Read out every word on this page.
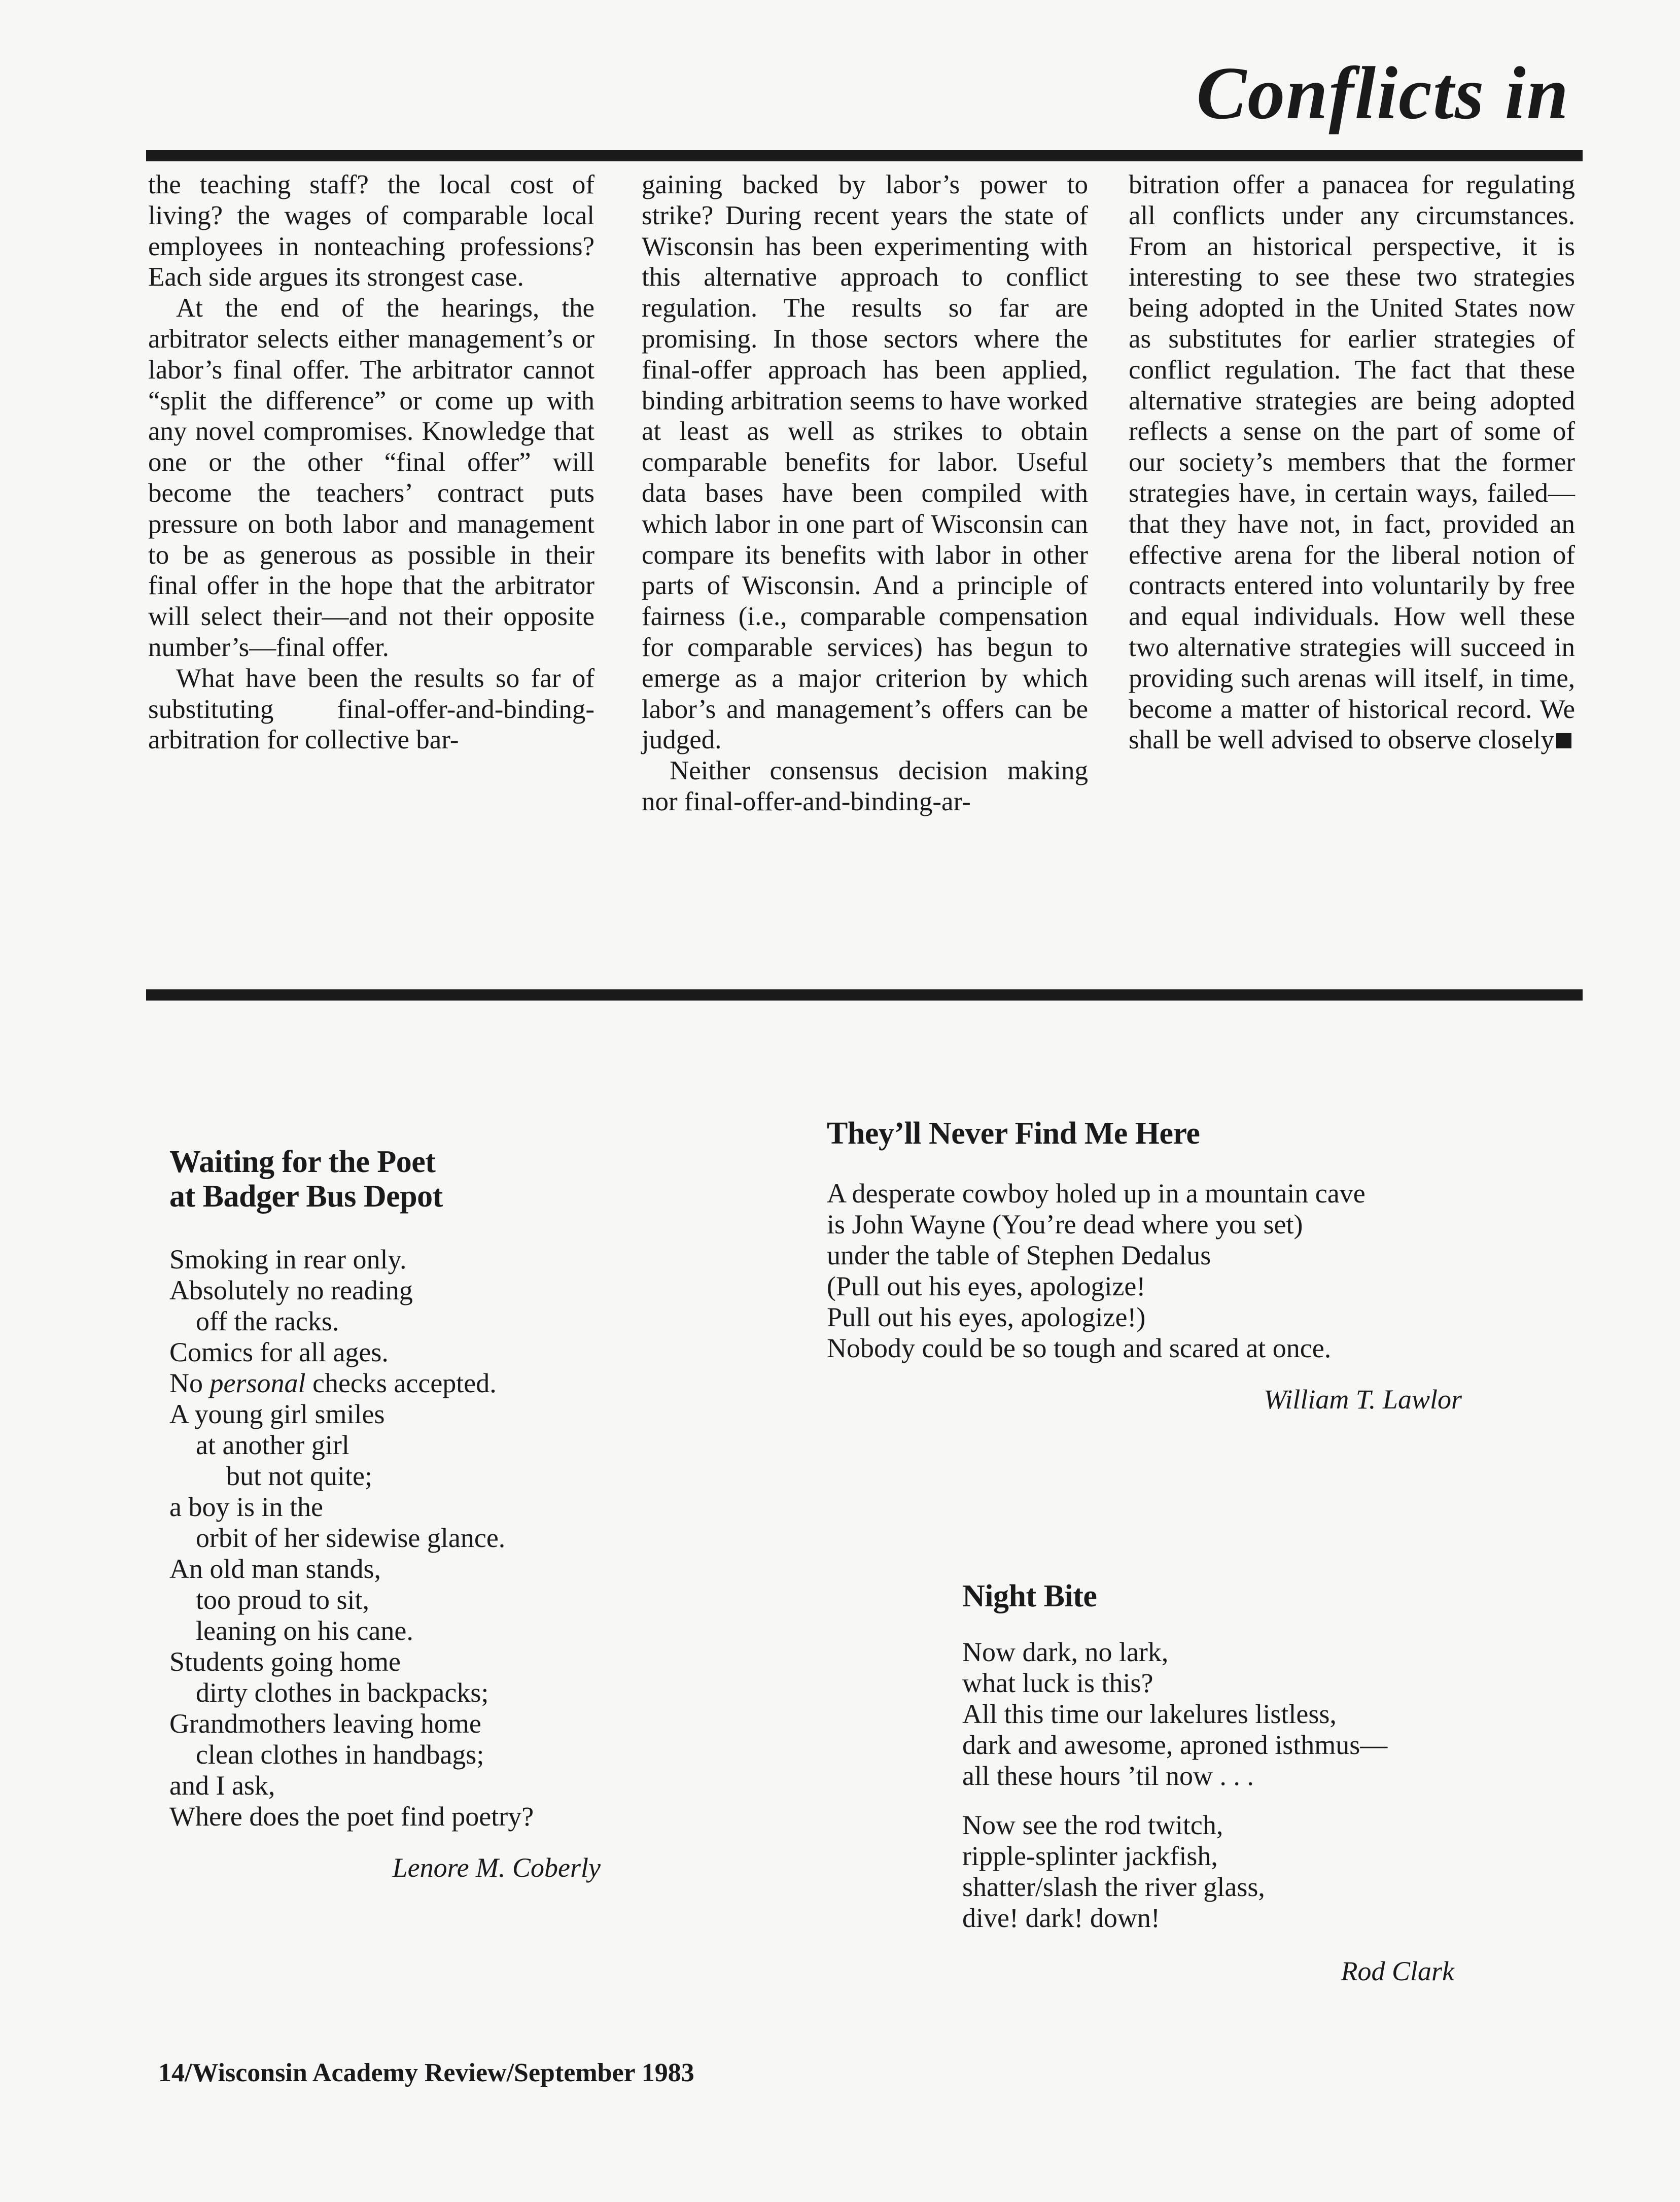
Conflicts in

the teaching staff? the local cost of living? the wages of comparable local employees in nonteaching professions? Each side argues its strongest case.

At the end of the hearings, the arbitrator selects either management’s or labor’s final offer. The arbitrator cannot “split the difference” or come up with any novel compromises. Knowledge that one or the other “final offer” will become the teachers’ contract puts pressure on both labor and management to be as generous as possible in their final offer in the hope that the arbitrator will select their—and not their opposite number’s—final offer.

What have been the results so far of substituting final-offer-and-binding-arbitration for collective bar-

gaining backed by labor’s power to strike? During recent years the state of Wisconsin has been experimenting with this alternative approach to conflict regulation. The results so far are promising. In those sectors where the final-offer approach has been applied, binding arbitration seems to have worked at least as well as strikes to obtain comparable benefits for labor. Useful data bases have been compiled with which labor in one part of Wisconsin can compare its benefits with labor in other parts of Wisconsin. And a principle of fairness (i.e., comparable compensation for comparable services) has begun to emerge as a major criterion by which labor’s and management’s offers can be judged.

Neither consensus decision making nor final-offer-and-binding-ar-

bitration offer a panacea for regulating all conflicts under any circumstances. From an historical perspective, it is interesting to see these two strategies being adopted in the United States now as substitutes for earlier strategies of conflict regulation. The fact that these alternative strategies are being adopted reflects a sense on the part of some of our society’s members that the former strategies have, in certain ways, failed—that they have not, in fact, provided an effective arena for the liberal notion of contracts entered into voluntarily by free and equal individuals. How well these two alternative strategies will succeed in providing such arenas will itself, in time, become a matter of historical record. We shall be well advised to observe closely

Waiting for the Poet
at Badger Bus Depot
Smoking in rear only.
Absolutely no reading
off the racks.
Comics for all ages.
No personal checks accepted.
A young girl smiles
at another girl
but not quite;
a boy is in the
orbit of her sidewise glance.
An old man stands,
too proud to sit,
leaning on his cane.
Students going home
dirty clothes in backpacks;
Grandmothers leaving home
clean clothes in handbags;
and I ask,
Where does the poet find poetry?
Lenore M. Coberly
They’ll Never Find Me Here
A desperate cowboy holed up in a mountain cave
is John Wayne (You’re dead where you set)
under the table of Stephen Dedalus
(Pull out his eyes, apologize!
Pull out his eyes, apologize!)
Nobody could be so tough and scared at once.
William T. Lawlor
Night Bite
Now dark, no lark,
what luck is this?
All this time our lakelures listless,
dark and awesome, aproned isthmus—
all these hours ’til now . . .
Now see the rod twitch,
ripple-splinter jackfish,
shatter/slash the river glass,
dive! dark! down!
Rod Clark
14/Wisconsin Academy Review/September 1983
